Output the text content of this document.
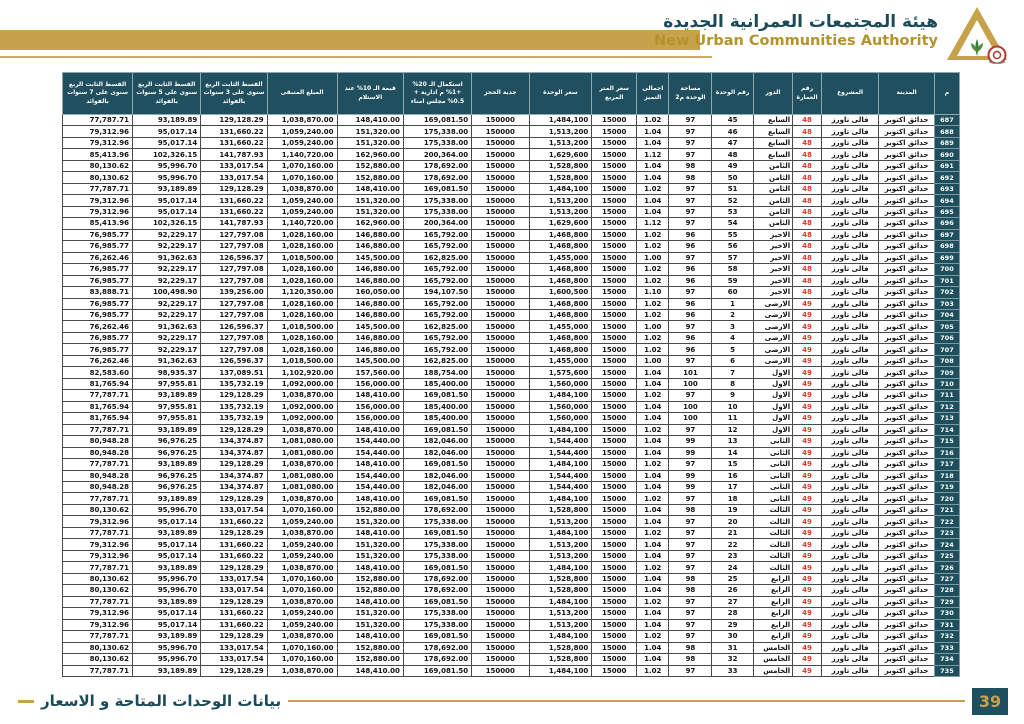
هيئة المجتمعات العمرانية الجديدة
New Urban Communities Authority
م	المدينة	المشروع	رقم العمارة	الدور	رقم الوحدة	مساحة الوحده م2	اجمالى التميز	سعر المتر المربع	سعر الوحدة	جدية الحجز	استكمال الـ 20% +1% م ادارية + 0.5% مجلس امناء	قيمة الـ 10% عند الاستلام	المبلغ المتبقى	القسط الثابت الربع سنوى على 3 سنوات بالفوائد	القسط الثابت الربع سنوى على 5 سنوات بالفوائد	القسط الثابت الربع سنوى على 7 سنوات بالفوائد
687	حدائق اكتوبر	فالى تاورز	48	السابع	45	97	1.02	15000	1,484,100	150000	169,081.50	148,410.00	1,038,870.00	129,128.29	93,189.89	77,787.71
688	حدائق اكتوبر	فالى تاورز	48	السابع	46	97	1.04	15000	1,513,200	150000	175,338.00	151,320.00	1,059,240.00	131,660.22	95,017.14	79,312.96
689	حدائق اكتوبر	فالى تاورز	48	السابع	47	97	1.04	15000	1,513,200	150000	175,338.00	151,320.00	1,059,240.00	131,660.22	95,017.14	79,312.96
690	حدائق اكتوبر	فالى تاورز	48	السابع	48	97	1.12	15000	1,629,600	150000	200,364.00	162,960.00	1,140,720.00	141,787.93	102,326.15	85,413.96
691	حدائق اكتوبر	فالى تاورز	48	الثامن	49	98	1.04	15000	1,528,800	150000	178,692.00	152,880.00	1,070,160.00	133,017.54	95,996.70	80,130.62
692	حدائق اكتوبر	فالى تاورز	48	الثامن	50	98	1.04	15000	1,528,800	150000	178,692.00	152,880.00	1,070,160.00	133,017.54	95,996.70	80,130.62
693	حدائق اكتوبر	فالى تاورز	48	الثامن	51	97	1.02	15000	1,484,100	150000	169,081.50	148,410.00	1,038,870.00	129,128.29	93,189.89	77,787.71
694	حدائق اكتوبر	فالى تاورز	48	الثامن	52	97	1.04	15000	1,513,200	150000	175,338.00	151,320.00	1,059,240.00	131,660.22	95,017.14	79,312.96
695	حدائق اكتوبر	فالى تاورز	48	الثامن	53	97	1.04	15000	1,513,200	150000	175,338.00	151,320.00	1,059,240.00	131,660.22	95,017.14	79,312.96
696	حدائق اكتوبر	فالى تاورز	48	الثامن	54	97	1.12	15000	1,629,600	150000	200,364.00	162,960.00	1,140,720.00	141,787.93	102,326.15	85,413.96
697	حدائق اكتوبر	فالى تاورز	48	الاخير	55	96	1.02	15000	1,468,800	150000	165,792.00	146,880.00	1,028,160.00	127,797.08	92,229.17	76,985.77
698	حدائق اكتوبر	فالى تاورز	48	الاخير	56	96	1.02	15000	1,468,800	150000	165,792.00	146,880.00	1,028,160.00	127,797.08	92,229.17	76,985.77
699	حدائق اكتوبر	فالى تاورز	48	الاخير	57	97	1.00	15000	1,455,000	150000	162,825.00	145,500.00	1,018,500.00	126,596.37	91,362.63	76,262.46
700	حدائق اكتوبر	فالى تاورز	48	الاخير	58	96	1.02	15000	1,468,800	150000	165,792.00	146,880.00	1,028,160.00	127,797.08	92,229.17	76,985.77
701	حدائق اكتوبر	فالى تاورز	48	الاخير	59	96	1.02	15000	1,468,800	150000	165,792.00	146,880.00	1,028,160.00	127,797.08	92,229.17	76,985.77
702	حدائق اكتوبر	فالى تاورز	48	الاخير	60	97	1.10	15000	1,600,500	150000	194,107.50	160,050.00	1,120,350.00	139,256.00	100,498.90	83,888.71
703	حدائق اكتوبر	فالى تاورز	49	الارضى	1	96	1.02	15000	1,468,800	150000	165,792.00	146,880.00	1,028,160.00	127,797.08	92,229.17	76,985.77
704	حدائق اكتوبر	فالى تاورز	49	الارضى	2	96	1.02	15000	1,468,800	150000	165,792.00	146,880.00	1,028,160.00	127,797.08	92,229.17	76,985.77
705	حدائق اكتوبر	فالى تاورز	49	الارضى	3	97	1.00	15000	1,455,000	150000	162,825.00	145,500.00	1,018,500.00	126,596.37	91,362.63	76,262.46
706	حدائق اكتوبر	فالى تاورز	49	الارضى	4	96	1.02	15000	1,468,800	150000	165,792.00	146,880.00	1,028,160.00	127,797.08	92,229.17	76,985.77
707	حدائق اكتوبر	فالى تاورز	49	الارضى	5	96	1.02	15000	1,468,800	150000	165,792.00	146,880.00	1,028,160.00	127,797.08	92,229.17	76,985.77
708	حدائق اكتوبر	فالى تاورز	49	الارضى	6	97	1.00	15000	1,455,000	150000	162,825.00	145,500.00	1,018,500.00	126,596.37	91,362.63	76,262.46
709	حدائق اكتوبر	فالى تاورز	49	الاول	7	101	1.04	15000	1,575,600	150000	188,754.00	157,560.00	1,102,920.00	137,089.51	98,935.37	82,583.60
710	حدائق اكتوبر	فالى تاورز	49	الاول	8	100	1.04	15000	1,560,000	150000	185,400.00	156,000.00	1,092,000.00	135,732.19	97,955.81	81,765.94
711	حدائق اكتوبر	فالى تاورز	49	الاول	9	97	1.02	15000	1,484,100	150000	169,081.50	148,410.00	1,038,870.00	129,128.29	93,189.89	77,787.71
712	حدائق اكتوبر	فالى تاورز	49	الاول	10	100	1.04	15000	1,560,000	150000	185,400.00	156,000.00	1,092,000.00	135,732.19	97,955.81	81,765.94
713	حدائق اكتوبر	فالى تاورز	49	الاول	11	100	1.04	15000	1,560,000	150000	185,400.00	156,000.00	1,092,000.00	135,732.19	97,955.81	81,765.94
714	حدائق اكتوبر	فالى تاورز	49	الاول	12	97	1.02	15000	1,484,100	150000	169,081.50	148,410.00	1,038,870.00	129,128.29	93,189.89	77,787.71
715	حدائق اكتوبر	فالى تاورز	49	الثانى	13	99	1.04	15000	1,544,400	150000	182,046.00	154,440.00	1,081,080.00	134,374.87	96,976.25	80,948.28
716	حدائق اكتوبر	فالى تاورز	49	الثانى	14	99	1.04	15000	1,544,400	150000	182,046.00	154,440.00	1,081,080.00	134,374.87	96,976.25	80,948.28
717	حدائق اكتوبر	فالى تاورز	49	الثانى	15	97	1.02	15000	1,484,100	150000	169,081.50	148,410.00	1,038,870.00	129,128.29	93,189.89	77,787.71
718	حدائق اكتوبر	فالى تاورز	49	الثانى	16	99	1.04	15000	1,544,400	150000	182,046.00	154,440.00	1,081,080.00	134,374.87	96,976.25	80,948.28
719	حدائق اكتوبر	فالى تاورز	49	الثانى	17	99	1.04	15000	1,544,400	150000	182,046.00	154,440.00	1,081,080.00	134,374.87	96,976.25	80,948.28
720	حدائق اكتوبر	فالى تاورز	49	الثانى	18	97	1.02	15000	1,484,100	150000	169,081.50	148,410.00	1,038,870.00	129,128.29	93,189.89	77,787.71
721	حدائق اكتوبر	فالى تاورز	49	الثالث	19	98	1.04	15000	1,528,800	150000	178,692.00	152,880.00	1,070,160.00	133,017.54	95,996.70	80,130.62
722	حدائق اكتوبر	فالى تاورز	49	الثالث	20	97	1.04	15000	1,513,200	150000	175,338.00	151,320.00	1,059,240.00	131,660.22	95,017.14	79,312.96
723	حدائق اكتوبر	فالى تاورز	49	الثالث	21	97	1.02	15000	1,484,100	150000	169,081.50	148,410.00	1,038,870.00	129,128.29	93,189.89	77,787.71
724	حدائق اكتوبر	فالى تاورز	49	الثالث	22	97	1.04	15000	1,513,200	150000	175,338.00	151,320.00	1,059,240.00	131,660.22	95,017.14	79,312.96
725	حدائق اكتوبر	فالى تاورز	49	الثالث	23	97	1.04	15000	1,513,200	150000	175,338.00	151,320.00	1,059,240.00	131,660.22	95,017.14	79,312.96
726	حدائق اكتوبر	فالى تاورز	49	الثالث	24	97	1.02	15000	1,484,100	150000	169,081.50	148,410.00	1,038,870.00	129,128.29	93,189.89	77,787.71
727	حدائق اكتوبر	فالى تاورز	49	الرابع	25	98	1.04	15000	1,528,800	150000	178,692.00	152,880.00	1,070,160.00	133,017.54	95,996.70	80,130.62
728	حدائق اكتوبر	فالى تاورز	49	الرابع	26	98	1.04	15000	1,528,800	150000	178,692.00	152,880.00	1,070,160.00	133,017.54	95,996.70	80,130.62
729	حدائق اكتوبر	فالى تاورز	49	الرابع	27	97	1.02	15000	1,484,100	150000	169,081.50	148,410.00	1,038,870.00	129,128.29	93,189.89	77,787.71
730	حدائق اكتوبر	فالى تاورز	49	الرابع	28	97	1.04	15000	1,513,200	150000	175,338.00	151,320.00	1,059,240.00	131,660.22	95,017.14	79,312.96
731	حدائق اكتوبر	فالى تاورز	49	الرابع	29	97	1.04	15000	1,513,200	150000	175,338.00	151,320.00	1,059,240.00	131,660.22	95,017.14	79,312.96
732	حدائق اكتوبر	فالى تاورز	49	الرابع	30	97	1.02	15000	1,484,100	150000	169,081.50	148,410.00	1,038,870.00	129,128.29	93,189.89	77,787.71
733	حدائق اكتوبر	فالى تاورز	49	الخامس	31	98	1.04	15000	1,528,800	150000	178,692.00	152,880.00	1,070,160.00	133,017.54	95,996.70	80,130.62
734	حدائق اكتوبر	فالى تاورز	49	الخامس	32	98	1.04	15000	1,528,800	150000	178,692.00	152,880.00	1,070,160.00	133,017.54	95,996.70	80,130.62
735	حدائق اكتوبر	فالى تاورز	49	الخامس	33	97	1.02	15000	1,484,100	150000	169,081.50	148,410.00	1,038,870.00	129,128.29	93,189.89	77,787.71
بيانات الوحدات المتاحة و الاسعار	39
